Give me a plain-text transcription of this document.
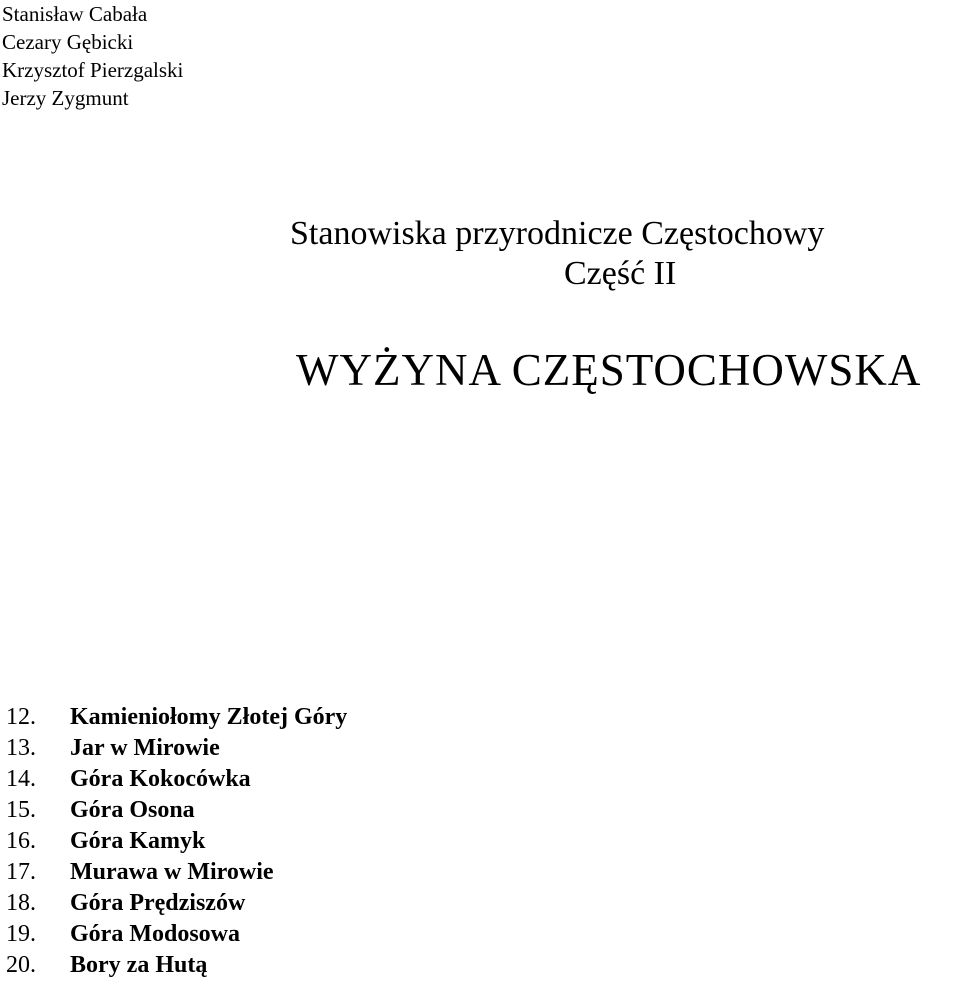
Stanisław Cabała
Cezary Gębicki
Krzysztof Pierzgalski
Jerzy Zygmunt
Stanowiska przyrodnicze Częstochowy
Część II
WYŻYNA CZĘSTOCHOWSKA
12.	Kamieniołomy Złotej Góry
13.	Jar w Mirowie
14.	Góra Kokocówka
15.	Góra Osona
16.	Góra Kamyk
17.	Murawa w Mirowie
18.	Góra Prędziszów
19.	Góra Modosowa
20.	Bory za Hutą
